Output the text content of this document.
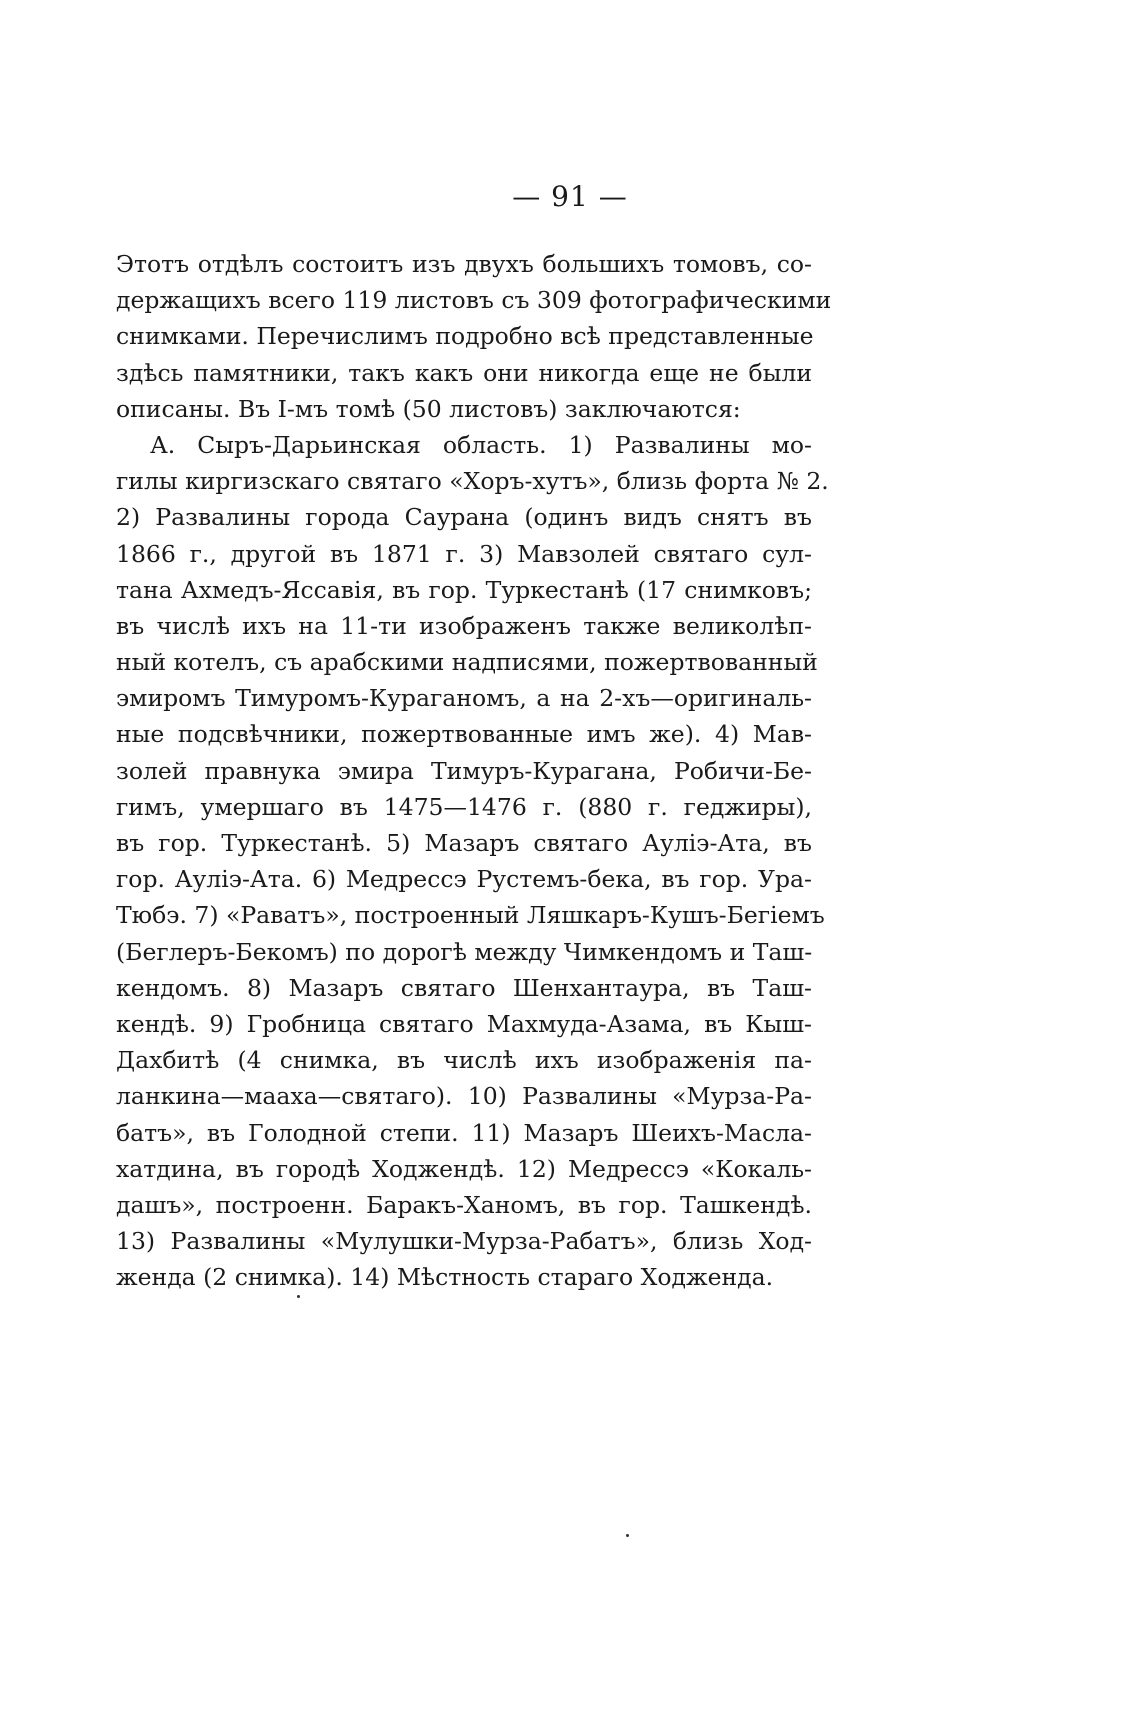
— 91 —
Этотъ отдѣлъ состоитъ изъ двухъ большихъ томовъ, со-
держащихъ всего 119 листовъ съ 309 фотографическими
снимками. Перечислимъ подробно всѣ представленные
здѣсь памятники, такъ какъ они никогда еще не были
описаны. Въ I-мъ томѣ (50 листовъ) заключаются:
А. Сыръ-Дарьинская область. 1) Развалины мо-
гилы киргизскаго святаго «Хоръ-хутъ», близь форта № 2.
2) Развалины города Саурана (одинъ видъ снятъ въ
1866 г., другой въ 1871 г. 3) Мавзолей святаго сул-
тана Ахмедъ-Яссавія, въ гор. Туркестанѣ (17 снимковъ;
въ числѣ ихъ на 11-ти изображенъ также великолѣп-
ный котелъ, съ арабскими надписями, пожертвованный
эмиромъ Тимуромъ-Кураганомъ, а на 2-хъ—оригиналь-
ные подсвѣчники, пожертвованные имъ же). 4) Мав-
золей правнука эмира Тимуръ-Курагана, Робичи-Бе-
гимъ, умершаго въ 1475—1476 г. (880 г. геджиры),
въ гор. Туркестанѣ. 5) Мазаръ святаго Аулiэ-Ата, въ
гор. Аулiэ-Ата. 6) Медрессэ Рустемъ-бека, въ гор. Ура-
Тюбэ. 7) «Раватъ», построенный Ляшкаръ-Кушъ-Бегiемъ
(Беглеръ-Бекомъ) по дорогѣ между Чимкендомъ и Таш-
кендомъ. 8) Мазаръ святаго Шенхантаура, въ Таш-
кендѣ. 9) Гробница святаго Махмуда-Азама, въ Кыш-
Дахбитѣ (4 снимка, въ числѣ ихъ изображенiя па-
ланкина—мааха—святаго). 10) Развалины «Мурза-Ра-
батъ», въ Голодной степи. 11) Мазаръ Шеихъ-Масла-
хатдина, въ городѣ Ходжендѣ. 12) Медрессэ «Кокаль-
дашъ», построенн. Баракъ-Ханомъ, въ гор. Ташкендѣ.
13) Развалины «Мулушки-Мурза-Рабатъ», близь Ход-
женда (2 снимка). 14) Мѣстность стараго Ходженда.
